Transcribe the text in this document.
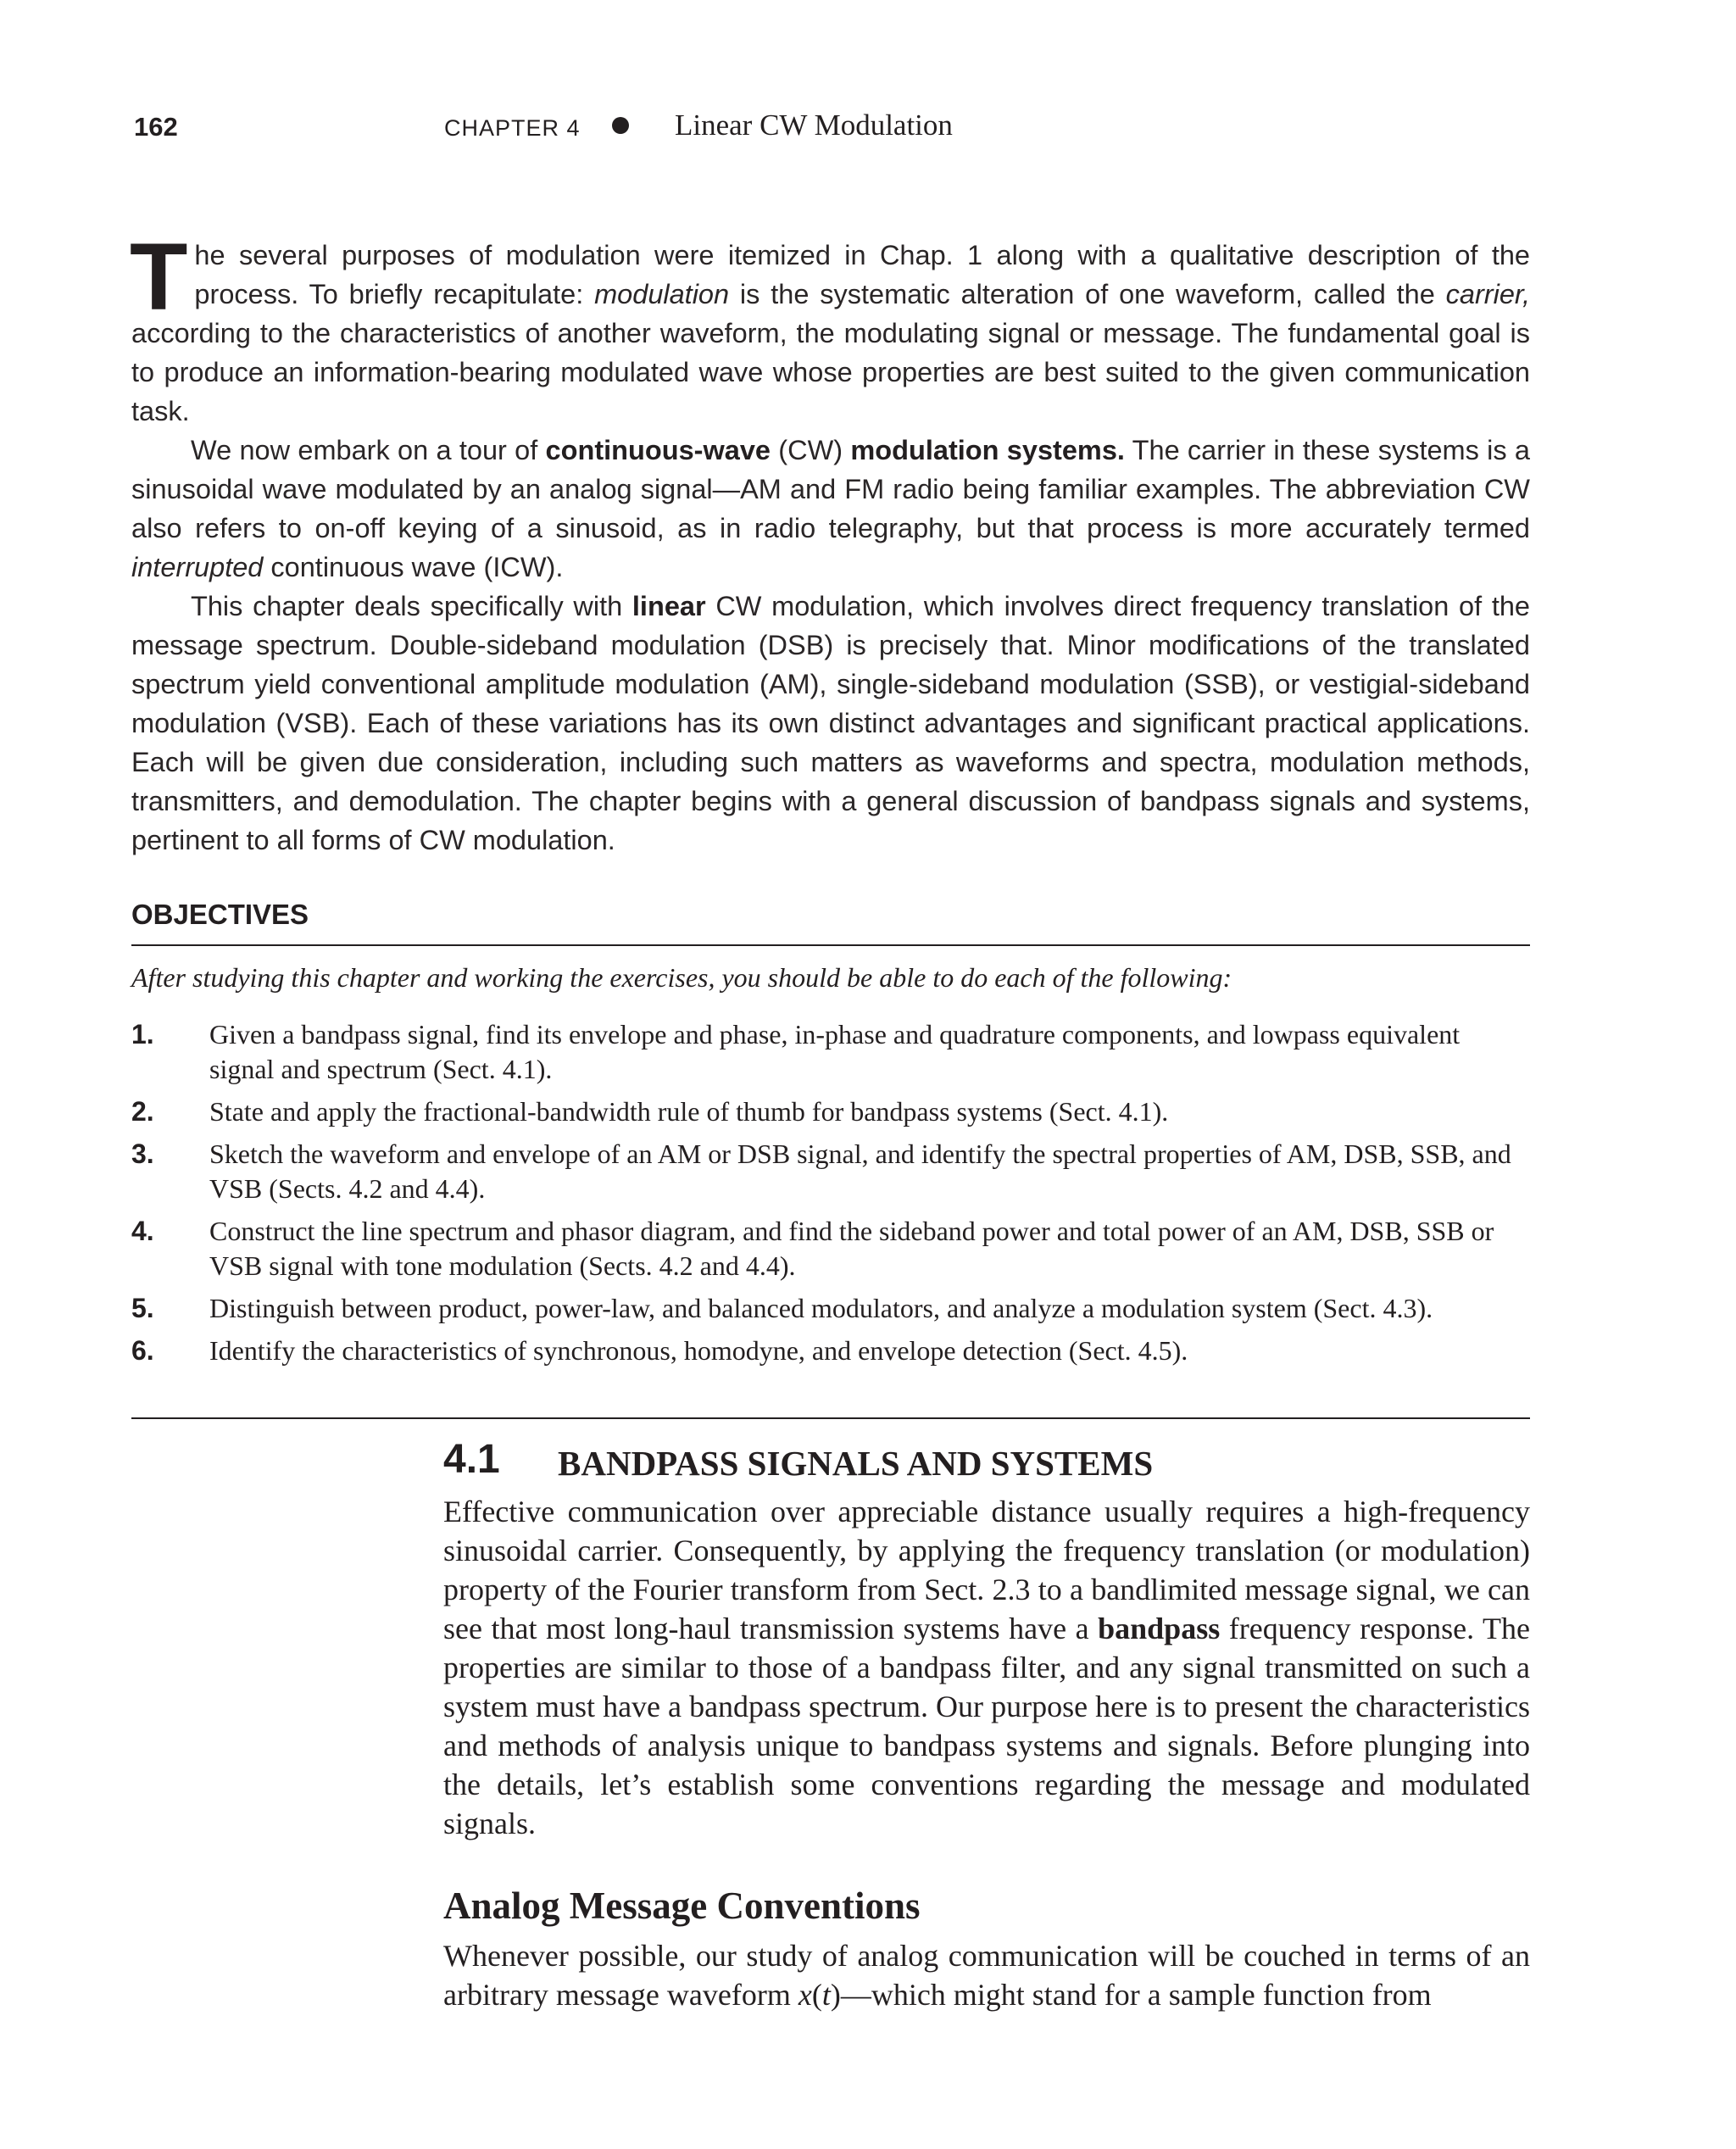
162	CHAPTER 4	Linear CW Modulation

The several purposes of modulation were itemized in Chap. 1 along with a qualitative description of the process. To briefly recapitulate: modulation is the systematic alteration of one waveform, called the carrier, according to the characteristics of another waveform, the modulating signal or message. The fundamental goal is to produce an information-bearing modulated wave whose properties are best suited to the given communication task.

We now embark on a tour of continuous-wave (CW) modulation systems. The carrier in these systems is a sinusoidal wave modulated by an analog signal—AM and FM radio being familiar examples. The abbreviation CW also refers to on-off keying of a sinusoid, as in radio telegraphy, but that process is more accurately termed interrupted continuous wave (ICW).

This chapter deals specifically with linear CW modulation, which involves direct frequency translation of the message spectrum. Double-sideband modulation (DSB) is precisely that. Minor modifications of the translated spectrum yield conventional amplitude modulation (AM), single-sideband modulation (SSB), or vestigial-sideband modulation (VSB). Each of these variations has its own distinct advantages and significant practical applications. Each will be given due consideration, including such matters as waveforms and spectra, modulation methods, transmitters, and demodulation. The chapter begins with a general discussion of bandpass signals and systems, pertinent to all forms of CW modulation.

OBJECTIVES
After studying this chapter and working the exercises, you should be able to do each of the following:
1. Given a bandpass signal, find its envelope and phase, in-phase and quadrature components, and lowpass equivalent signal and spectrum (Sect. 4.1).
2. State and apply the fractional-bandwidth rule of thumb for bandpass systems (Sect. 4.1).
3. Sketch the waveform and envelope of an AM or DSB signal, and identify the spectral properties of AM, DSB, SSB, and VSB (Sects. 4.2 and 4.4).
4. Construct the line spectrum and phasor diagram, and find the sideband power and total power of an AM, DSB, SSB or VSB signal with tone modulation (Sects. 4.2 and 4.4).
5. Distinguish between product, power-law, and balanced modulators, and analyze a modulation system (Sect. 4.3).
6. Identify the characteristics of synchronous, homodyne, and envelope detection (Sect. 4.5).
4.1 BANDPASS SIGNALS AND SYSTEMS

Effective communication over appreciable distance usually requires a high-frequency sinusoidal carrier. Consequently, by applying the frequency translation (or modulation) property of the Fourier transform from Sect. 2.3 to a bandlimited message signal, we can see that most long-haul transmission systems have a bandpass frequency response. The properties are similar to those of a bandpass filter, and any signal transmitted on such a system must have a bandpass spectrum. Our purpose here is to present the characteristics and methods of analysis unique to bandpass systems and signals. Before plunging into the details, let’s establish some conventions regarding the message and modulated signals.

Analog Message Conventions

Whenever possible, our study of analog communication will be couched in terms of an arbitrary message waveform x(t)—which might stand for a sample function from
